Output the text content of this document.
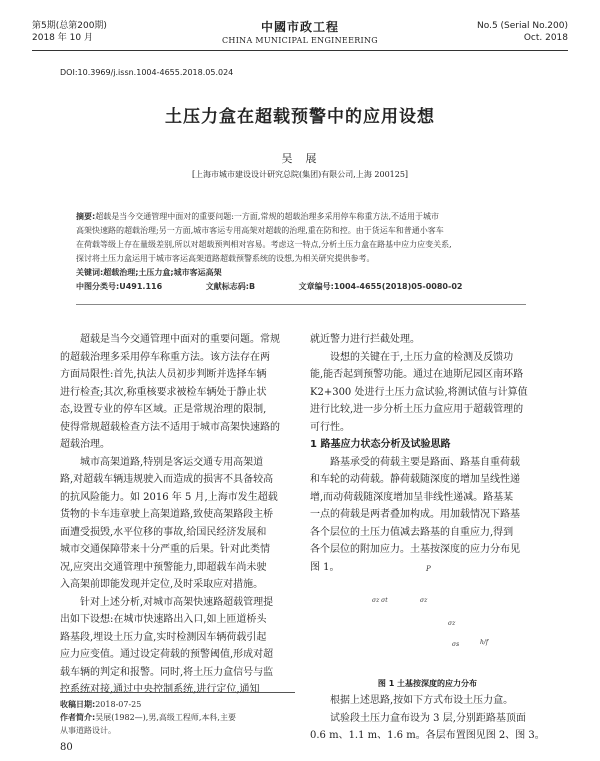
第5期(总第200期)
2018 年 10 月
中國市政工程
CHINA MUNICIPAL ENGINEERING
No.5 (Serial No.200)
Oct. 2018
DOI:10.3969/j.issn.1004-4655.2018.05.024
土压力盒在超载预警中的应用设想
吴  展
[上海市城市建设设计研究总院(集团)有限公司,上海 200125]

摘要:超载是当今交通管理中面对的重要问题:一方面,常规的超载治理多采用停车称重方法,不适用于城市

高架快速路的超载治理;另一方面,城市客运专用高架对超载的治理,重在防和控。由于货运车和普通小客车

在荷载等级上存在量级差别,所以对超载预判相对容易。考虑这一特点,分析土压力盒在路基中应力应变关系,

探讨将土压力盒运用于城市客运高架道路超载预警系统的设想,为相关研究提供参考。

关键词:超载治理;土压力盒;城市客运高架

中图分类号:U491.116	文献标志码:B	文章编号:1004-4655(2018)05-0080-02

超载是当今交通管理中面对的重要问题。常规

的超载治理多采用停车称重方法。该方法存在两

方面局限性:首先,执法人员初步判断并选择车辆

进行检查;其次,称重核要求被检车辆处于静止状

态,设置专业的停车区域。正是常规治理的限制,

使得常规超载检查方法不适用于城市高架快速路的

超载治理。

城市高架道路,特别是客运交通专用高架道

路,对超载车辆违规驶入而造成的损害不具备较高

的抗风险能力。如 2016 年 5 月,上海市发生超载

货物的卡车违章驶上高架道路,致使高架路段主桥

面遭受损毁,水平位移的事故,给国民经济发展和

城市交通保障带来十分严重的后果。针对此类情

况,应突出交通管理中预警能力,即超载车尚未驶

入高架前即能发现并定位,及时采取应对措施。

针对上述分析,对城市高架快速路超载管理提

出如下设想:在城市快速路出入口,如上匝道桥头

路基段,埋设土压力盒,实时检测因车辆荷载引起

应力应变值。通过设定荷载的预警阈值,形成对超

载车辆的判定和报警。同时,将土压力盒信号与监

控系统对接,通过中央控制系统,进行定位,通知

就近警力进行拦截处理。

设想的关键在于,土压力盒的检测及反馈功

能,能否起到预警功能。通过在迪斯尼园区南环路

K2+300 处进行土压力盒试验,将测试值与计算值

进行比较,进一步分析土压力盒应用于超载管理的

可行性。

1 路基应力状态分析及试验思路

路基承受的荷载主要是路面、路基自重荷载

和车轮的动荷载。静荷载随深度的增加呈线性递

增,而动荷载随深度增加呈非线性递减。路基某

一点的荷载是两者叠加构成。用加载情况下路基

各个层位的土压力值减去路基的自重应力,得到

各个层位的附加应力。土基按深度的应力分布见

图 1。	P
σz σt	σz
σz
σs	h/f
图 1 土基按深度的应力分布

根据上述思路,按如下方式布设土压力盒。

试验段土压力盒布设为 3 层,分别距路基顶面

0.6 m、1.1 m、1.6 m。各层布置图见图 2、图 3。

收稿日期:2018-07-25
作者简介:吴展(1982—),男,高级工程师,本科,主要
从事道路设计。
80
